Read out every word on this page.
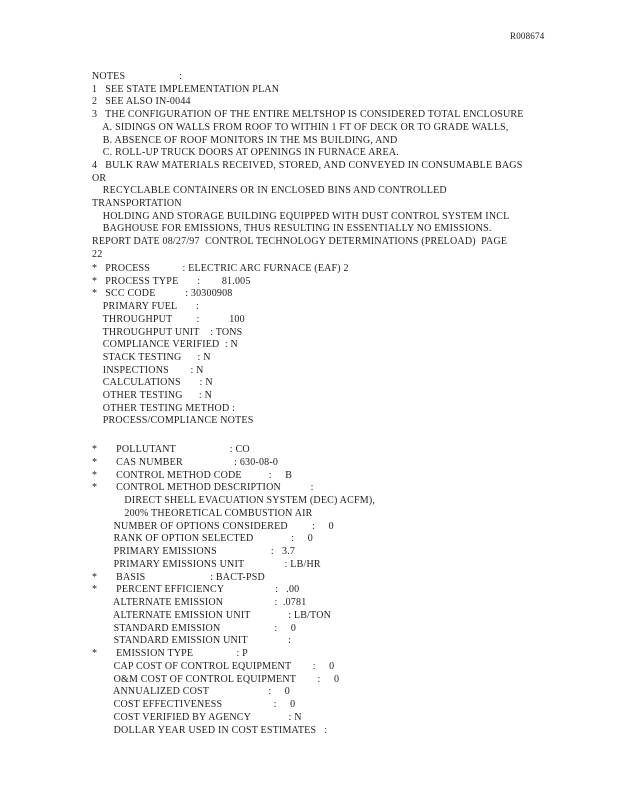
R008674
NOTES                    :
1   SEE STATE IMPLEMENTATION PLAN
2   SEE ALSO IN-0044
3   THE CONFIGURATION OF THE ENTIRE MELTSHOP IS CONSIDERED TOTAL ENCLOSURE
A. SIDINGS ON WALLS FROM ROOF TO WITHIN 1 FT OF DECK OR TO GRADE WALLS,
B. ABSENCE OF ROOF MONITORS IN THE MS BUILDING, AND
C. ROLL-UP TRUCK DOORS AT OPENINGS IN FURNACE AREA.
4   BULK RAW MATERIALS RECEIVED, STORED, AND CONVEYED IN CONSUMABLE BAGS
OR
RECYCLABLE CONTAINERS OR IN ENCLOSED BINS AND CONTROLLED
TRANSPORTATION
HOLDING AND STORAGE BUILDING EQUIPPED WITH DUST CONTROL SYSTEM INCL
BAGHOUSE FOR EMISSIONS, THUS RESULTING IN ESSENTIALLY NO EMISSIONS.
REPORT DATE 08/27/97  CONTROL TECHNOLOGY DETERMINATIONS (PRELOAD)  PAGE
22
*   PROCESS            : ELECTRIC ARC FURNACE (EAF) 2
*   PROCESS TYPE       :        81.005
*   SCC CODE           : 30300908
PRIMARY FUEL       :
THROUGHPUT         :           100
THROUGHPUT UNIT    : TONS
COMPLIANCE VERIFIED  : N
STACK TESTING      : N
INSPECTIONS        : N
CALCULATIONS       : N
OTHER TESTING      : N
OTHER TESTING METHOD :
PROCESS/COMPLIANCE NOTES
*       POLLUTANT                    : CO
*       CAS NUMBER                   : 630-08-0
*       CONTROL METHOD CODE          :     B
*       CONTROL METHOD DESCRIPTION           :
DIRECT SHELL EVACUATION SYSTEM (DEC) ACFM),
200% THEORETICAL COMBUSTION AIR
NUMBER OF OPTIONS CONSIDERED         :     0
RANK OF OPTION SELECTED              :     0
PRIMARY EMISSIONS                    :   3.7
PRIMARY EMISSIONS UNIT               : LB/HR
*       BASIS                        : BACT-PSD
*       PERCENT EFFICIENCY                   :   .00
ALTERNATE EMISSION                   :  .0781
ALTERNATE EMISSION UNIT              : LB/TON
STANDARD EMISSION                    :     0
STANDARD EMISSION UNIT               :
*       EMISSION TYPE                : P
CAP COST OF CONTROL EQUIPMENT        :     0
O&M COST OF CONTROL EQUIPMENT        :     0
ANNUALIZED COST                      :     0
COST EFFECTIVENESS                   :     0
COST VERIFIED BY AGENCY              : N
DOLLAR YEAR USED IN COST ESTIMATES   :
